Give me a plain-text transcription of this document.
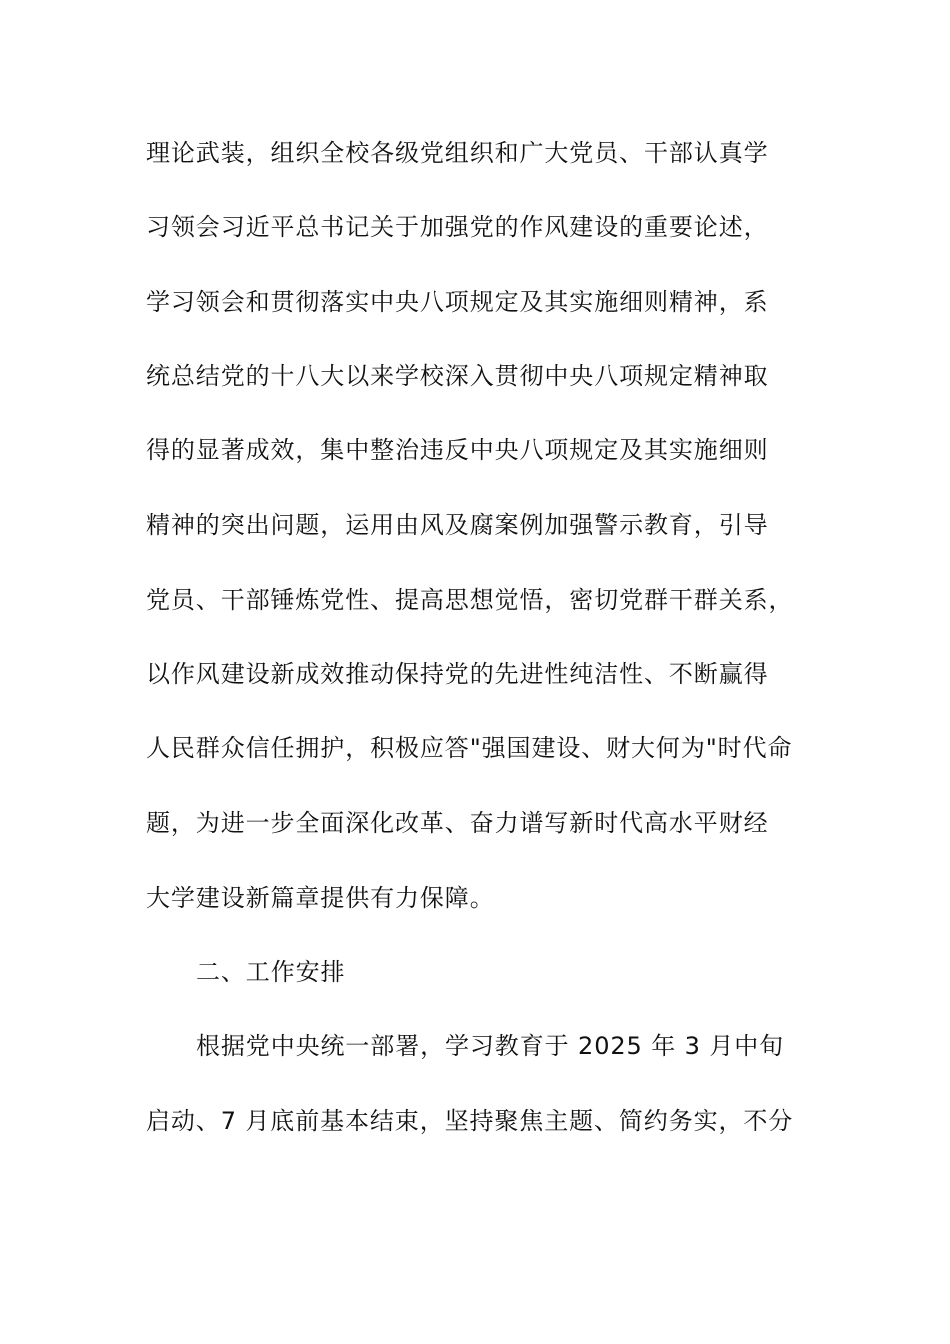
理论武装，组织全校各级党组织和广大党员、干部认真学
习领会习近平总书记关于加强党的作风建设的重要论述，
学习领会和贯彻落实中央八项规定及其实施细则精神，系
统总结党的十八大以来学校深入贯彻中央八项规定精神取
得的显著成效，集中整治违反中央八项规定及其实施细则
精神的突出问题，运用由风及腐案例加强警示教育，引导
党员、干部锤炼党性、提高思想觉悟，密切党群干群关系，
以作风建设新成效推动保持党的先进性纯洁性、不断赢得
人民群众信任拥护，积极应答"强国建设、财大何为"时代命
题，为进一步全面深化改革、奋力谱写新时代高水平财经
大学建设新篇章提供有力保障。
二、工作安排
根据党中央统一部署，学习教育于 2025 年 3 月中旬
启动、7 月底前基本结束，坚持聚焦主题、简约务实，不分
